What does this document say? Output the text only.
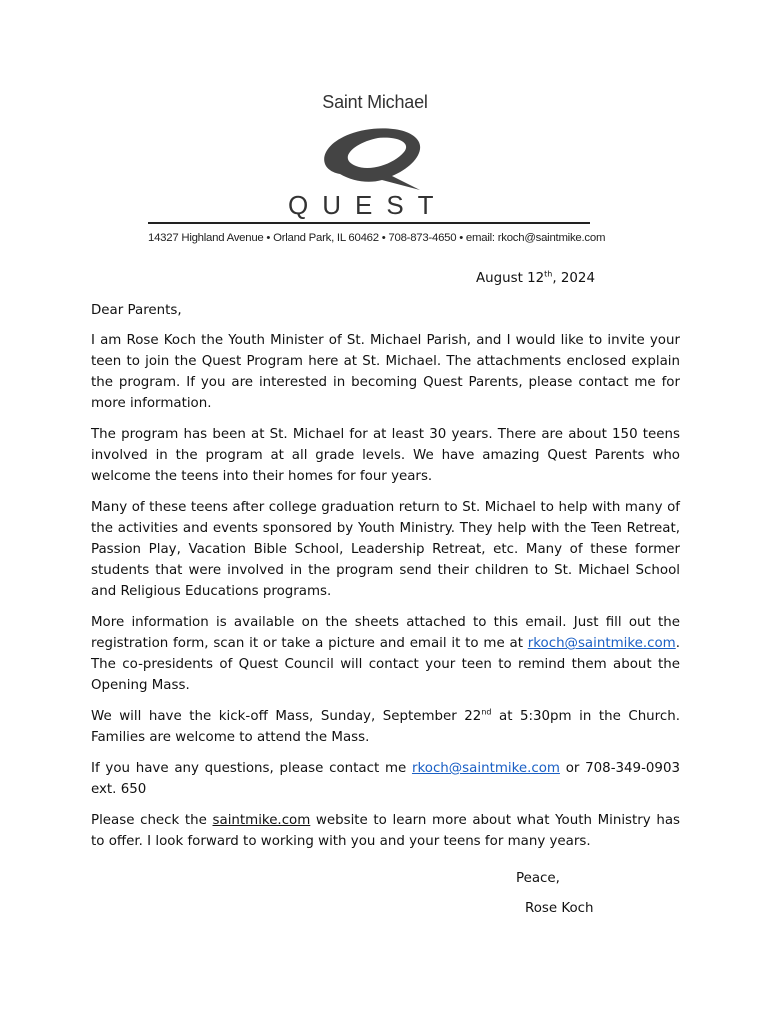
Saint Michael
QUEST
14327 Highland Avenue • Orland Park, IL 60462 • 708-873-4650 • email: rkoch@saintmike.com
August 12th, 2024
Dear Parents,

I am Rose Koch the Youth Minister of St. Michael Parish, and I would like to invite your teen to join the Quest Program here at St. Michael. The attachments enclosed explain the program. If you are interested in becoming Quest Parents, please contact me for more information.

The program has been at St. Michael for at least 30 years. There are about 150 teens involved in the program at all grade levels. We have amazing Quest Parents who welcome the teens into their homes for four years.

Many of these teens after college graduation return to St. Michael to help with many of the activities and events sponsored by Youth Ministry. They help with the Teen Retreat, Passion Play, Vacation Bible School, Leadership Retreat, etc. Many of these former students that were involved in the program send their children to St. Michael School and Religious Educations programs.

More information is available on the sheets attached to this email. Just fill out the registration form, scan it or take a picture and email it to me at rkoch@saintmike.com. The co-presidents of Quest Council will contact your teen to remind them about the Opening Mass.

We will have the kick-off Mass, Sunday, September 22nd at 5:30pm in the Church. Families are welcome to attend the Mass.

If you have any questions, please contact me rkoch@saintmike.com or 708-349-0903 ext. 650

Please check the saintmike.com website to learn more about what Youth Ministry has to offer. I look forward to working with you and your teens for many years.

Peace,
Rose Koch
